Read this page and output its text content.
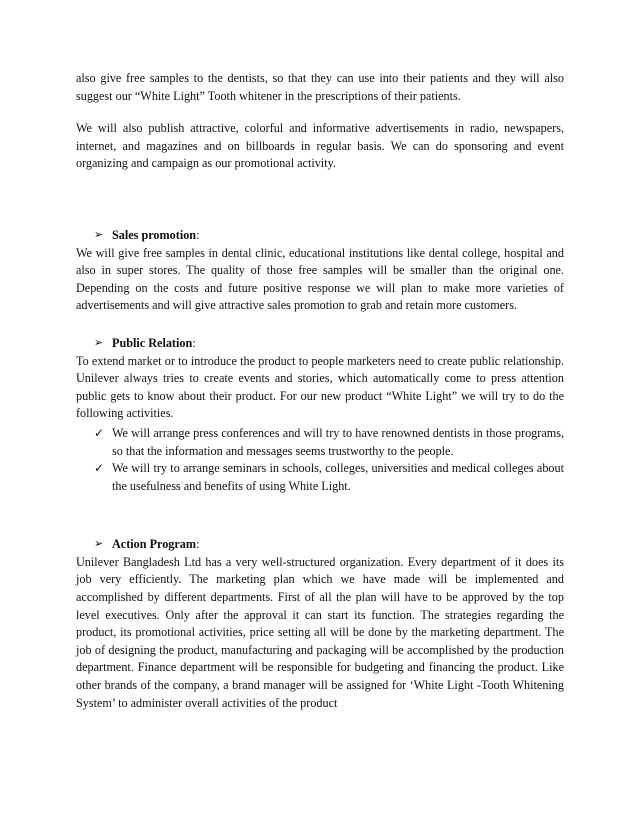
also give free samples to the dentists, so that they can use into their patients and they will also suggest our “White Light” Tooth whitener in the prescriptions of their patients.

We will also publish attractive, colorful and informative advertisements in radio, newspapers, internet, and magazines and on billboards in regular basis. We can do sponsoring and event organizing and campaign as our promotional activity.

➢ Sales promotion :

We will give free samples in dental clinic, educational institutions like dental college, hospital and also in super stores. The quality of those free samples will be smaller than the original one. Depending on the costs and future positive response we will plan to make more varieties of advertisements and will give attractive sales promotion to grab and retain more customers.

➢ Public Relation :

To extend market or to introduce the product to people marketers need to create public relationship. Unilever always tries to create events and stories, which automatically come to press attention public gets to know about their product. For our new product “White Light” we will try to do the following activities.

✓ We will arrange press conferences and will try to have renowned dentists in those programs, so that the information and messages seems trustworthy to the people.
✓ We will try to arrange seminars in schools, colleges, universities and medical colleges about the usefulness and benefits of using White Light.
➢ Action Program :

Unilever Bangladesh Ltd has a very well-structured organization. Every department of it does its job very efficiently. The marketing plan which we have made will be implemented and accomplished by different departments. First of all the plan will have to be approved by the top level executives. Only after the approval it can start its function. The strategies regarding the product, its promotional activities, price setting all will be done by the marketing department. The job of designing the product, manufacturing and packaging will be accomplished by the production department. Finance department will be responsible for budgeting and financing the product. Like other brands of the company, a brand manager will be assigned for ‘White Light -Tooth Whitening System’ to administer overall activities of the product
